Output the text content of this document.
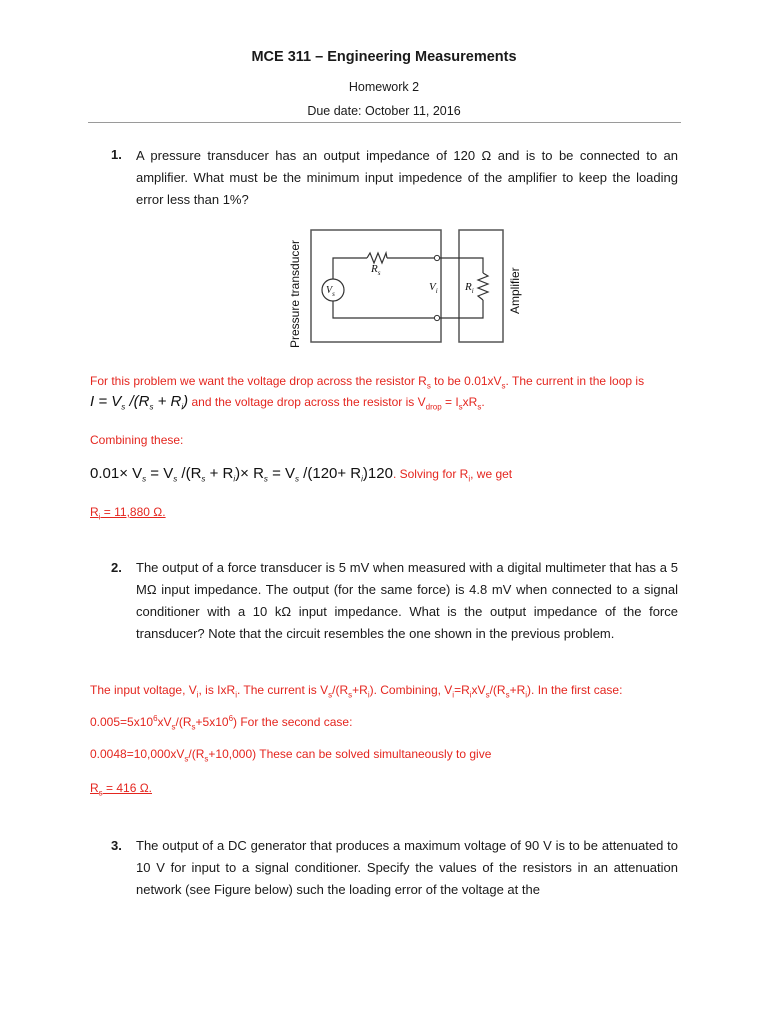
MCE 311 – Engineering Measurements
Homework 2
Due date: October 11, 2016
1. A pressure transducer has an output impedance of 120 Ω and is to be connected to an amplifier. What must be the minimum input impedence of the amplifier to keep the loading error less than 1%?
Pressure transducer	Amplifier
$R_s$
$V_s$
$V_i$ $R_i$
For this problem we want the voltage drop across the resistor $R_s$ to be $0.01xV_s$. The current in the loop is
$I = V_s$ $/(R_s + R_i)$ and the voltage drop across the resistor is $V_{drop} = I_sxR_s$.
Combining these:
$0.01\times V_s = V_s$ $/(R_s + R_i)\times R_s = V_s$ $/(120+ R_i)120$. Solving for $R_i$, we get
$R_i = 11,880$ Ω.
2. The output of a force transducer is 5 mV when measured with a digital multimeter that has a 5 MΩ input impedance. The output (for the same force) is 4.8 mV when connected to a signal conditioner with a 10 kΩ input impedance. What is the output impedance of the force transducer? Note that the circuit resembles the one shown in the previous problem.
The input voltage, $V_i$, is IxR$_i$. The current is $V_s/(R_s+R_i)$. Combining, $V_i=R_ixV_s/(R_s+R_i)$. In the first case:
$0.005=5x10^6xV_s/(R_s+5x10^6)$ For the second case:
$0.0048=10,000xV_s/(R_s+10,000)$ These can be solved simultaneously to give
$R_s = 416$ Ω.
3. The output of a DC generator that produces a maximum voltage of 90 V is to be attenuated to 10 V for input to a signal conditioner. Specify the values of the resistors in an attenuation network (see Figure below) such the loading error of the voltage at the
